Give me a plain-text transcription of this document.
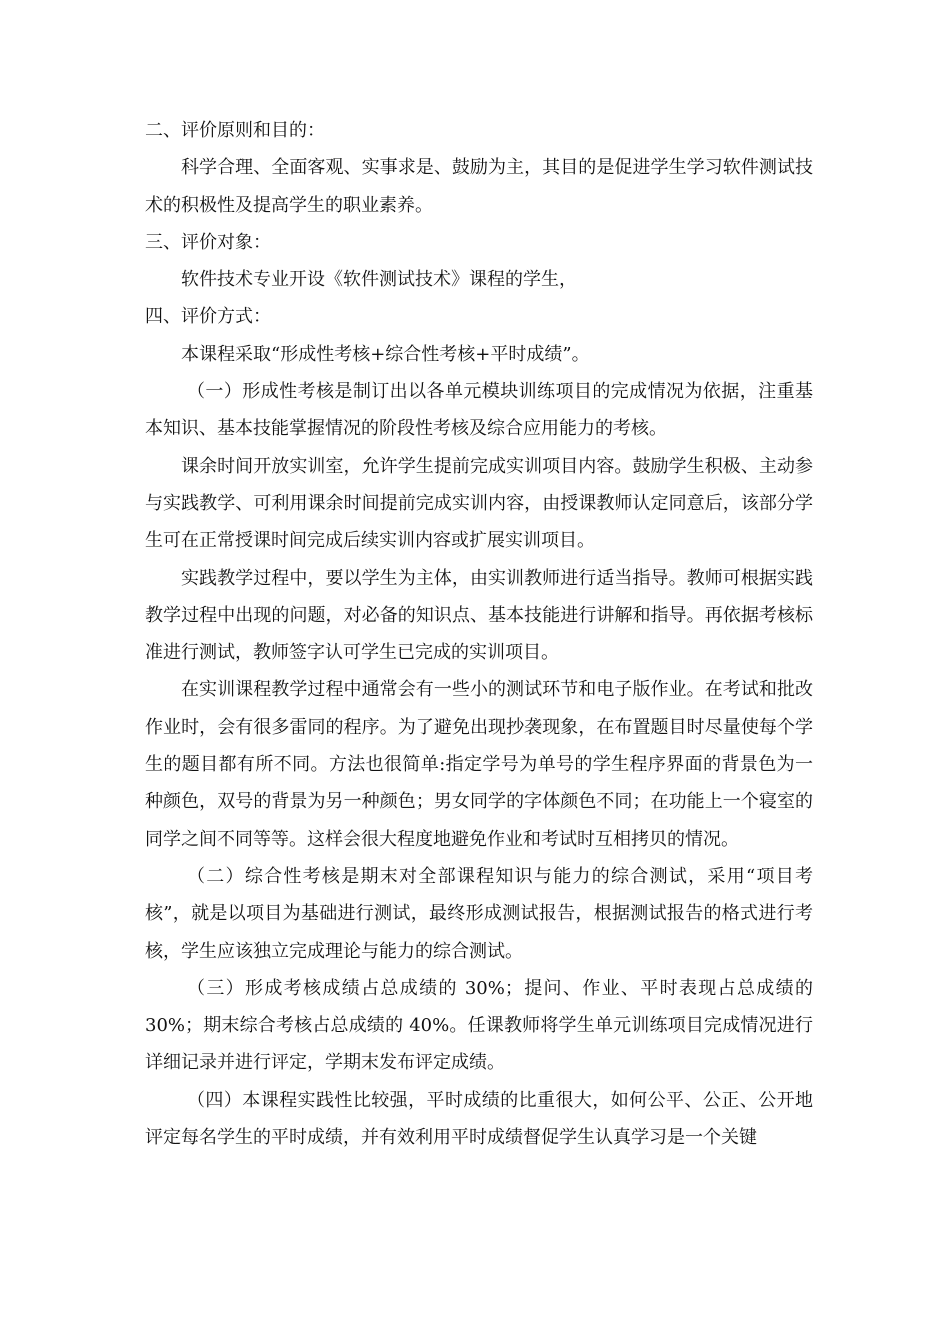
二、评价原则和目的：

科学合理、全面客观、实事求是、鼓励为主，其目的是促进学生学习软件测试技术的积极性及提高学生的职业素养。

三、评价对象：

软件技术专业开设《软件测试技术》课程的学生，

四、评价方式：

本课程采取“形成性考核+综合性考核+平时成绩”。

（一）形成性考核是制订出以各单元模块训练项目的完成情况为依据，注重基本知识、基本技能掌握情况的阶段性考核及综合应用能力的考核。

课余时间开放实训室，允许学生提前完成实训项目内容。鼓励学生积极、主动参与实践教学、可利用课余时间提前完成实训内容，由授课教师认定同意后，该部分学生可在正常授课时间完成后续实训内容或扩展实训项目。

实践教学过程中，要以学生为主体，由实训教师进行适当指导。教师可根据实践教学过程中出现的问题，对必备的知识点、基本技能进行讲解和指导。再依据考核标准进行测试，教师签字认可学生已完成的实训项目。

在实训课程教学过程中通常会有一些小的测试环节和电子版作业。在考试和批改作业时，会有很多雷同的程序。为了避免出现抄袭现象，在布置题目时尽量使每个学生的题目都有所不同。方法也很简单:指定学号为单号的学生程序界面的背景色为一种颜色，双号的背景为另一种颜色；男女同学的字体颜色不同；在功能上一个寝室的同学之间不同等等。这样会很大程度地避免作业和考试时互相拷贝的情况。

（二）综合性考核是期末对全部课程知识与能力的综合测试，采用“项目考核”，就是以项目为基础进行测试，最终形成测试报告，根据测试报告的格式进行考核，学生应该独立完成理论与能力的综合测试。

（三）形成考核成绩占总成绩的 30%；提问、作业、平时表现占总成绩的 30%；期末综合考核占总成绩的 40%。任课教师将学生单元训练项目完成情况进行详细记录并进行评定，学期末发布评定成绩。

（四）本课程实践性比较强，平时成绩的比重很大，如何公平、公正、公开地评定每名学生的平时成绩，并有效利用平时成绩督促学生认真学习是一个关键
